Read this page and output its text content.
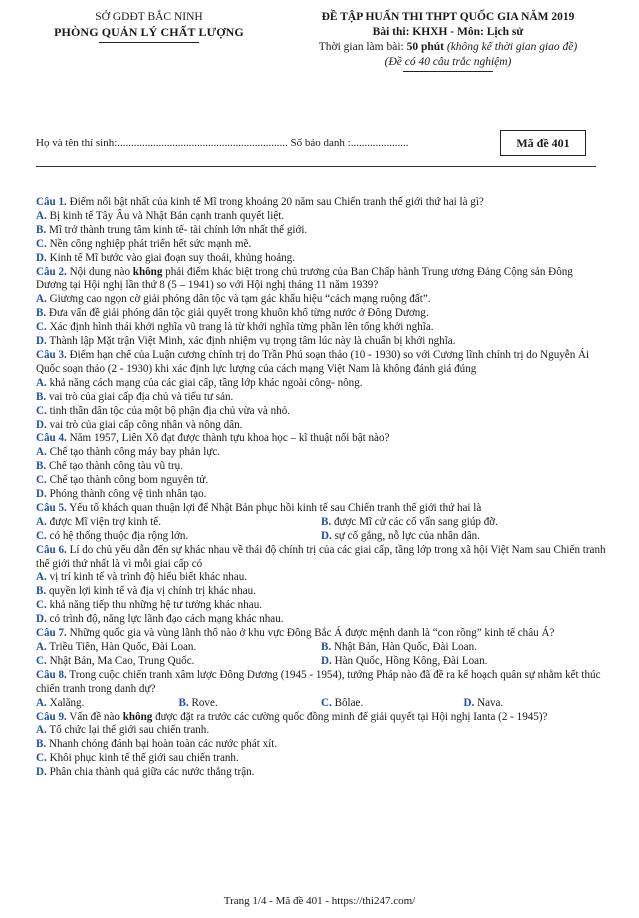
SỞ GDĐT BẮC NINH
PHÒNG QUẢN LÝ CHẤT LƯỢNG
ĐỀ TẬP HUẤN THI THPT QUỐC GIA NĂM 2019
Bài thi: KHXH - Môn: Lịch sử
Thời gian làm bài: 50 phút (không kể thời gian giao đề)
(Đề có 40 câu trắc nghiệm)
Họ và tên thí sinh:.............................................................. Số báo danh :.....................	Mã đề 401
Câu 1. Điểm nổi bật nhất của kinh tế Mĩ trong khoảng 20 năm sau Chiến tranh thế giới thứ hai là gì?
A. Bị kinh tế Tây Âu và Nhật Bản cạnh tranh quyết liệt.
B. Mĩ trở thành trung tâm kinh tế- tài chính lớn nhất thế giới.
C. Nền công nghiệp phát triển hết sức mạnh mẽ.
D. Kinh tế Mĩ bước vào giai đoạn suy thoái, khủng hoảng.
Câu 2. Nội dung nào không phải điểm khác biệt trong chủ trương của Ban Chấp hành Trung ương Đảng Cộng sản Đông Dương tại Hội nghị lần thứ 8 (5 – 1941) so với Hội nghị tháng 11 năm 1939?
A. Giương cao ngọn cờ giải phóng dân tộc và tạm gác khẩu hiệu “cách mạng ruộng đất”.
B. Đưa vấn đề giải phóng dân tộc giải quyết trong khuôn khổ từng nước ở Đông Dương.
C. Xác định hình thái khởi nghĩa vũ trang là từ khởi nghĩa từng phần lên tổng khởi nghĩa.
D. Thành lập Mặt trận Việt Minh, xác định nhiệm vụ trọng tâm lúc này là chuẩn bị khởi nghĩa.
Câu 3. Điểm hạn chế của Luận cương chính trị do Trần Phú soạn thảo (10 - 1930) so với Cương lĩnh chính trị do Nguyễn Ái Quốc soạn thảo (2 - 1930) khi xác định lực lượng của cách mạng Việt Nam là không đánh giá đúng
A. khả năng cách mạng của các giai cấp, tầng lớp khác ngoài công- nông.
B. vai trò của giai cấp địa chủ và tiểu tư sản.
C. tinh thần dân tộc của một bộ phận địa chủ vừa và nhỏ.
D. vai trò của giai cấp công nhân và nông dân.
Câu 4. Năm 1957, Liên Xô đạt được thành tựu khoa học – kĩ thuật nổi bật nào?
A. Chế tạo thành công máy bay phản lực.
B. Chế tạo thành công tàu vũ trụ.
C. Chế tạo thành công bom nguyên tử.
D. Phóng thành công vệ tinh nhân tạo.
Câu 5. Yếu tố khách quan thuận lợi để Nhật Bản phục hồi kinh tế sau Chiến tranh thế giới thứ hai là
A. được Mĩ viện trợ kinh tế.	B. được Mĩ cử các cố vấn sang giúp đỡ.
C. có hệ thống thuộc địa rộng lớn.	D. sự cố gắng, nỗ lực của nhân dân.
Câu 6. Lí do chủ yếu dẫn đến sự khác nhau về thái độ chính trị của các giai cấp, tầng lớp trong xã hội Việt Nam sau Chiến tranh thế giới thứ nhất là vì mỗi giai cấp có
A. vị trí kinh tế và trình độ hiểu biết khác nhau.
B. quyền lợi kinh tế và địa vị chính trị khác nhau.
C. khả năng tiếp thu những hệ tư tưởng khác nhau.
D. có trình độ, năng lực lãnh đạo cách mạng khác nhau.
Câu 7. Những quốc gia và vùng lãnh thổ nào ở khu vực Đông Bắc Á được mệnh danh là “con rồng” kinh tế châu Á?
A. Triều Tiên, Hàn Quốc, Đài Loan.	B. Nhật Bản, Hàn Quốc, Đài Loan.
C. Nhật Bản, Ma Cao, Trung Quốc.	D. Hàn Quốc, Hồng Kông, Đài Loan.
Câu 8. Trong cuộc chiến tranh xâm lược Đông Dương (1945 - 1954), tướng Pháp nào đã đề ra kế hoạch quân sự nhằm kết thúc chiến tranh trong danh dự?
A. Xalăng.	B. Rove.	C. Bôlae.	D. Nava.
Câu 9. Vấn đề nào không được đặt ra trước các cường quốc đồng minh để giải quyết tại Hội nghị Ianta (2 - 1945)?
A. Tổ chức lại thế giới sau chiến tranh.
B. Nhanh chóng đánh bại hoàn toàn các nước phát xít.
C. Khôi phục kinh tế thế giới sau chiến tranh.
D. Phân chia thành quả giữa các nước thắng trận.
Trang 1/4 - Mã đề 401 - https://thi247.com/
